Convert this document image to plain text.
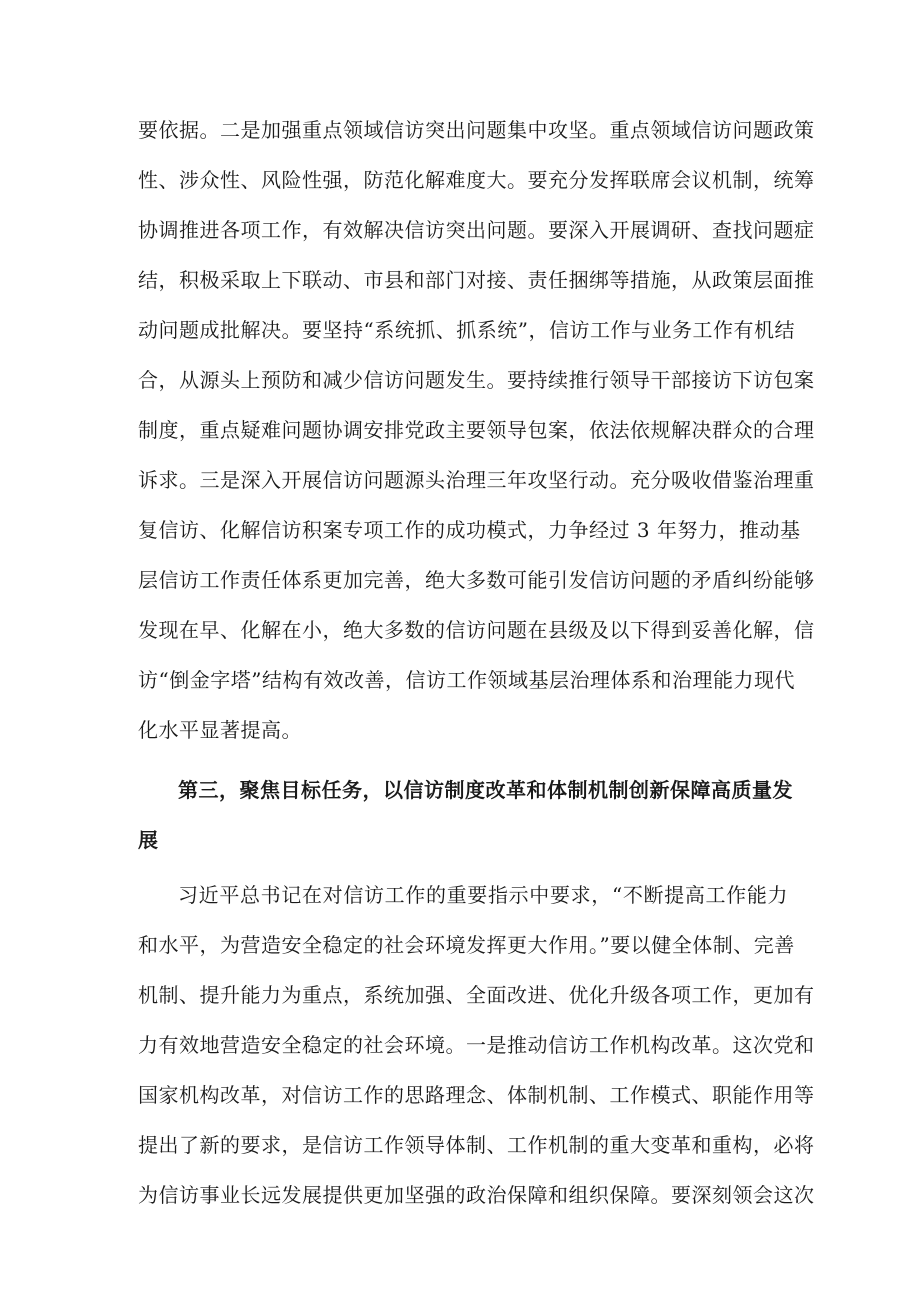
要依据。二是加强重点领域信访突出问题集中攻坚。重点领域信访问题政策
性、涉众性、风险性强，防范化解难度大。要充分发挥联席会议机制，统筹
协调推进各项工作，有效解决信访突出问题。要深入开展调研、查找问题症
结，积极采取上下联动、市县和部门对接、责任捆绑等措施，从政策层面推
动问题成批解决。要坚持“系统抓、抓系统”，信访工作与业务工作有机结
合，从源头上预防和减少信访问题发生。要持续推行领导干部接访下访包案
制度，重点疑难问题协调安排党政主要领导包案，依法依规解决群众的合理
诉求。三是深入开展信访问题源头治理三年攻坚行动。充分吸收借鉴治理重
复信访、化解信访积案专项工作的成功模式，力争经过 3 年努力，推动基
层信访工作责任体系更加完善，绝大多数可能引发信访问题的矛盾纠纷能够
发现在早、化解在小，绝大多数的信访问题在县级及以下得到妥善化解，信
访“倒金字塔”结构有效改善，信访工作领域基层治理体系和治理能力现代
化水平显著提高。
第三，聚焦目标任务，以信访制度改革和体制机制创新保障高质量发
展
习近平总书记在对信访工作的重要指示中要求，“不断提高工作能力
和水平，为营造安全稳定的社会环境发挥更大作用。”要以健全体制、完善
机制、提升能力为重点，系统加强、全面改进、优化升级各项工作，更加有
力有效地营造安全稳定的社会环境。一是推动信访工作机构改革。这次党和
国家机构改革，对信访工作的思路理念、体制机制、工作模式、职能作用等
提出了新的要求，是信访工作领导体制、工作机制的重大变革和重构，必将
为信访事业长远发展提供更加坚强的政治保障和组织保障。要深刻领会这次
